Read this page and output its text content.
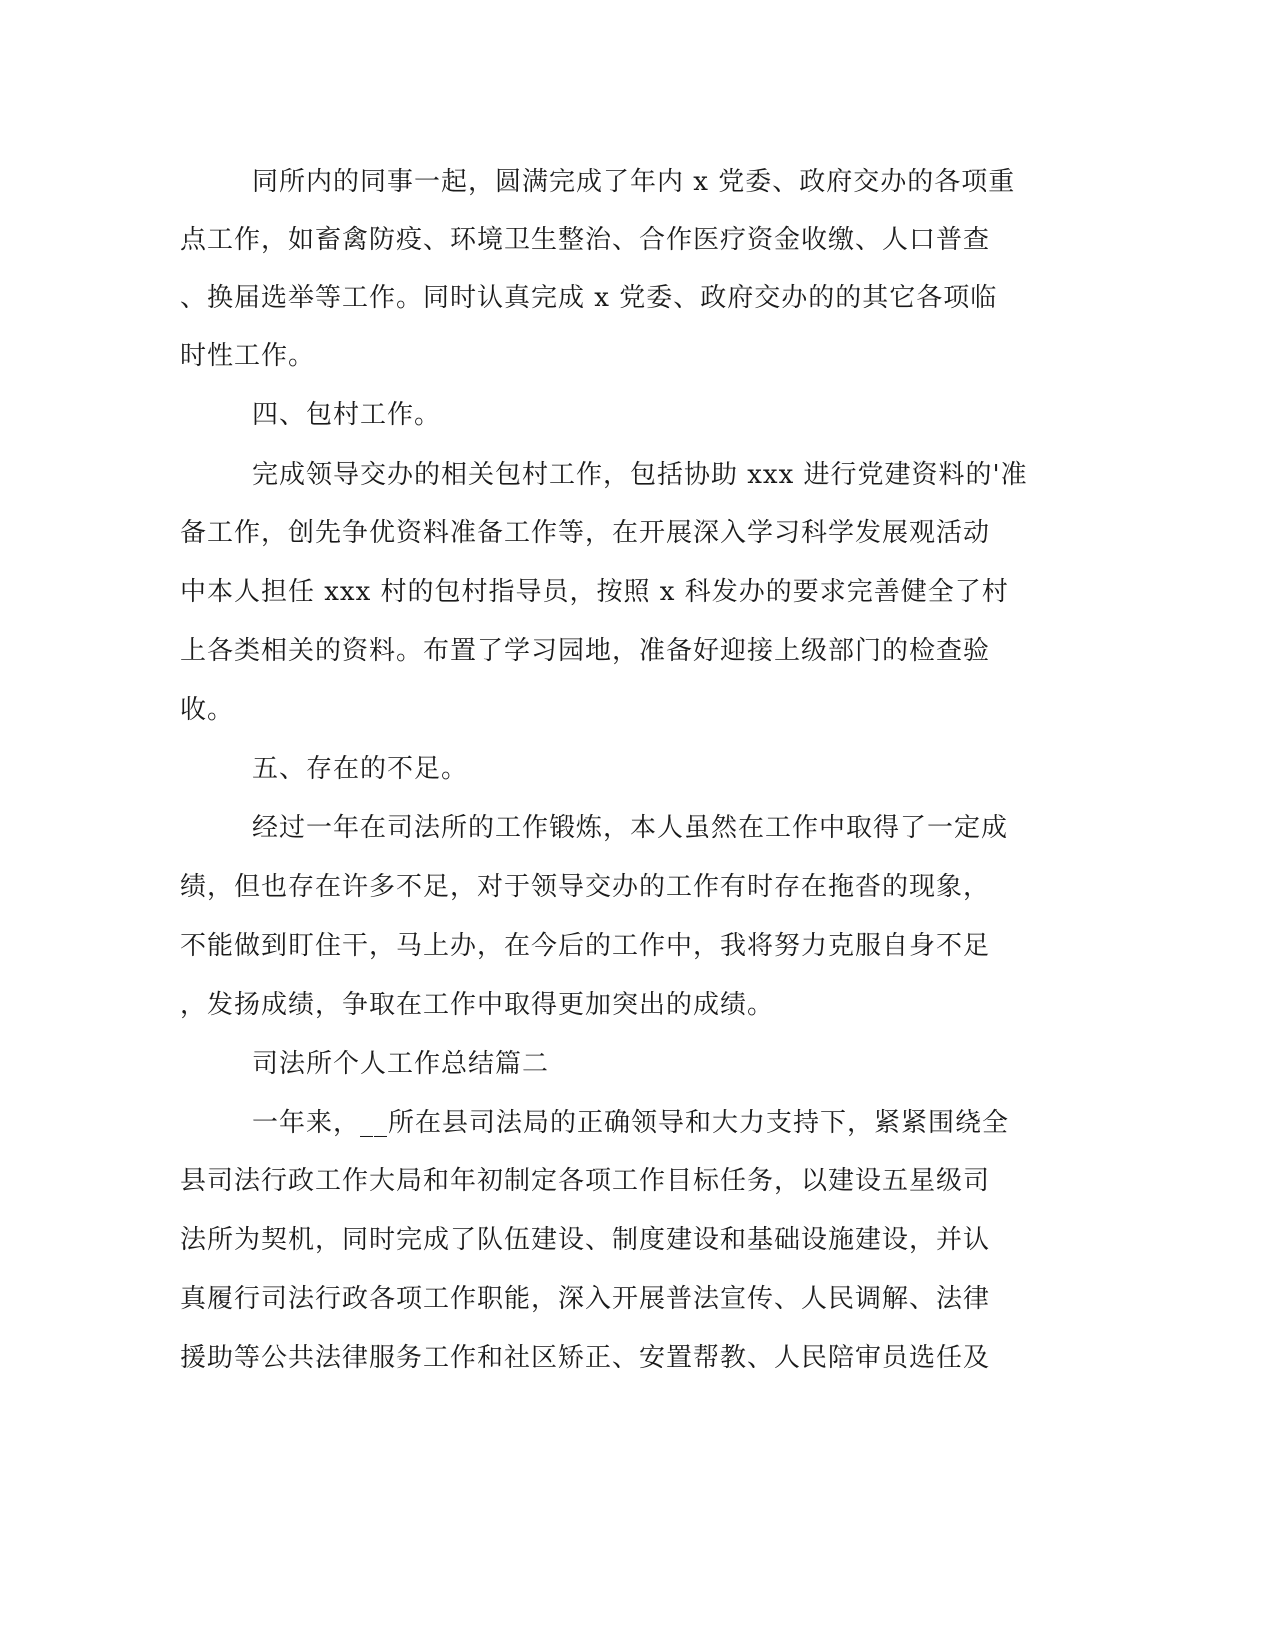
同所内的同事一起，圆满完成了年内 x 党委、政府交办的各项重
点工作，如畜禽防疫、环境卫生整治、合作医疗资金收缴、人口普查
、换届选举等工作。同时认真完成 x 党委、政府交办的的其它各项临
时性工作。
四、包村工作。
完成领导交办的相关包村工作，包括协助 xxx 进行党建资料的'准
备工作，创先争优资料准备工作等，在开展深入学习科学发展观活动
中本人担任 xxx 村的包村指导员，按照 x 科发办的要求完善健全了村
上各类相关的资料。布置了学习园地，准备好迎接上级部门的检查验
收。
五、存在的不足。
经过一年在司法所的工作锻炼，本人虽然在工作中取得了一定成
绩，但也存在许多不足，对于领导交办的工作有时存在拖沓的现象，
不能做到盯住干，马上办，在今后的工作中，我将努力克服自身不足
，发扬成绩，争取在工作中取得更加突出的成绩。
司法所个人工作总结篇二
一年来，__所在县司法局的正确领导和大力支持下，紧紧围绕全
县司法行政工作大局和年初制定各项工作目标任务，以建设五星级司
法所为契机，同时完成了队伍建设、制度建设和基础设施建设，并认
真履行司法行政各项工作职能，深入开展普法宣传、人民调解、法律
援助等公共法律服务工作和社区矫正、安置帮教、人民陪审员选任及
